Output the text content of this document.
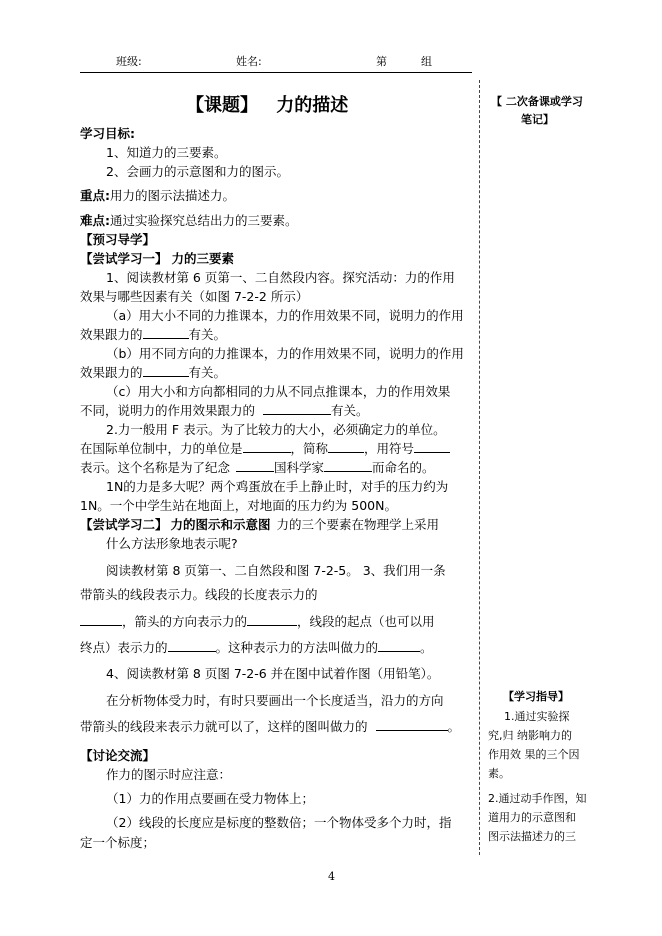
班级:	姓名:	第	组
【课题】 力的描述	【 二次备课或学习
笔记】
【学习指导】
1.通过实验探
究,归 纳影响力的
作用效 果的三个因
素。
2.通过动手作图，知
道用力的示意图和
图示法描述力的三
学习目标:
1、知道力的三要素。
2、会画力的示意图和力的图示。
重点:用力的图示法描述力。
难点:通过实验探究总结出力的三要素。
【预习导学】
【尝试学习一】 力的三要素
1、阅读教材第 6 页第一、二自然段内容。探究活动：力的作用
效果与哪些因素有关（如图 7-2-2 所示）
（a）用大小不同的力推课本，力的作用效果不同，说明力的作用
效果跟力的	有关。
（b）用不同方向的力推课本，力的作用效果不同，说明力的作用
效果跟力的	有关。
（c）用大小和方向都相同的力从不同点推课本，力的作用效果
不同，说明力的作用效果跟力的	有关。
2.力一般用 F 表示。为了比较力的大小，必须确定力的单位。
在国际单位制中，力的单位是	，简称	，用符号
表示。这个名称是为了纪念	国科学家	而命名的。
1N的力是多大呢？两个鸡蛋放在手上静止时，对手的压力约为
1N。一个中学生站在地面上，对地面的压力约为 500N。
【尝试学习二】 力的图示和示意图 力的三个要素在物理学上采用
什么方法形象地表示呢?
阅读教材第 8 页第一、二自然段和图 7-2-5。 3、我们用一条
带箭头的线段表示力。线段的长度表示力的
，箭头的方向表示力的	，线段的起点（也可以用
终点）表示力的	。这种表示力的方法叫做力的	。
4、阅读教材第 8 页图 7-2-6 并在图中试着作图（用铅笔）。
在分析物体受力时，有时只要画出一个长度适当，沿力的方向
带箭头的线段来表示力就可以了，这样的图叫做力的	。
【讨论交流】
作力的图示时应注意：
（1）力的作用点要画在受力物体上；
（2）线段的长度应是标度的整数倍；一个物体受多个力时，指
定一个标度；
4
